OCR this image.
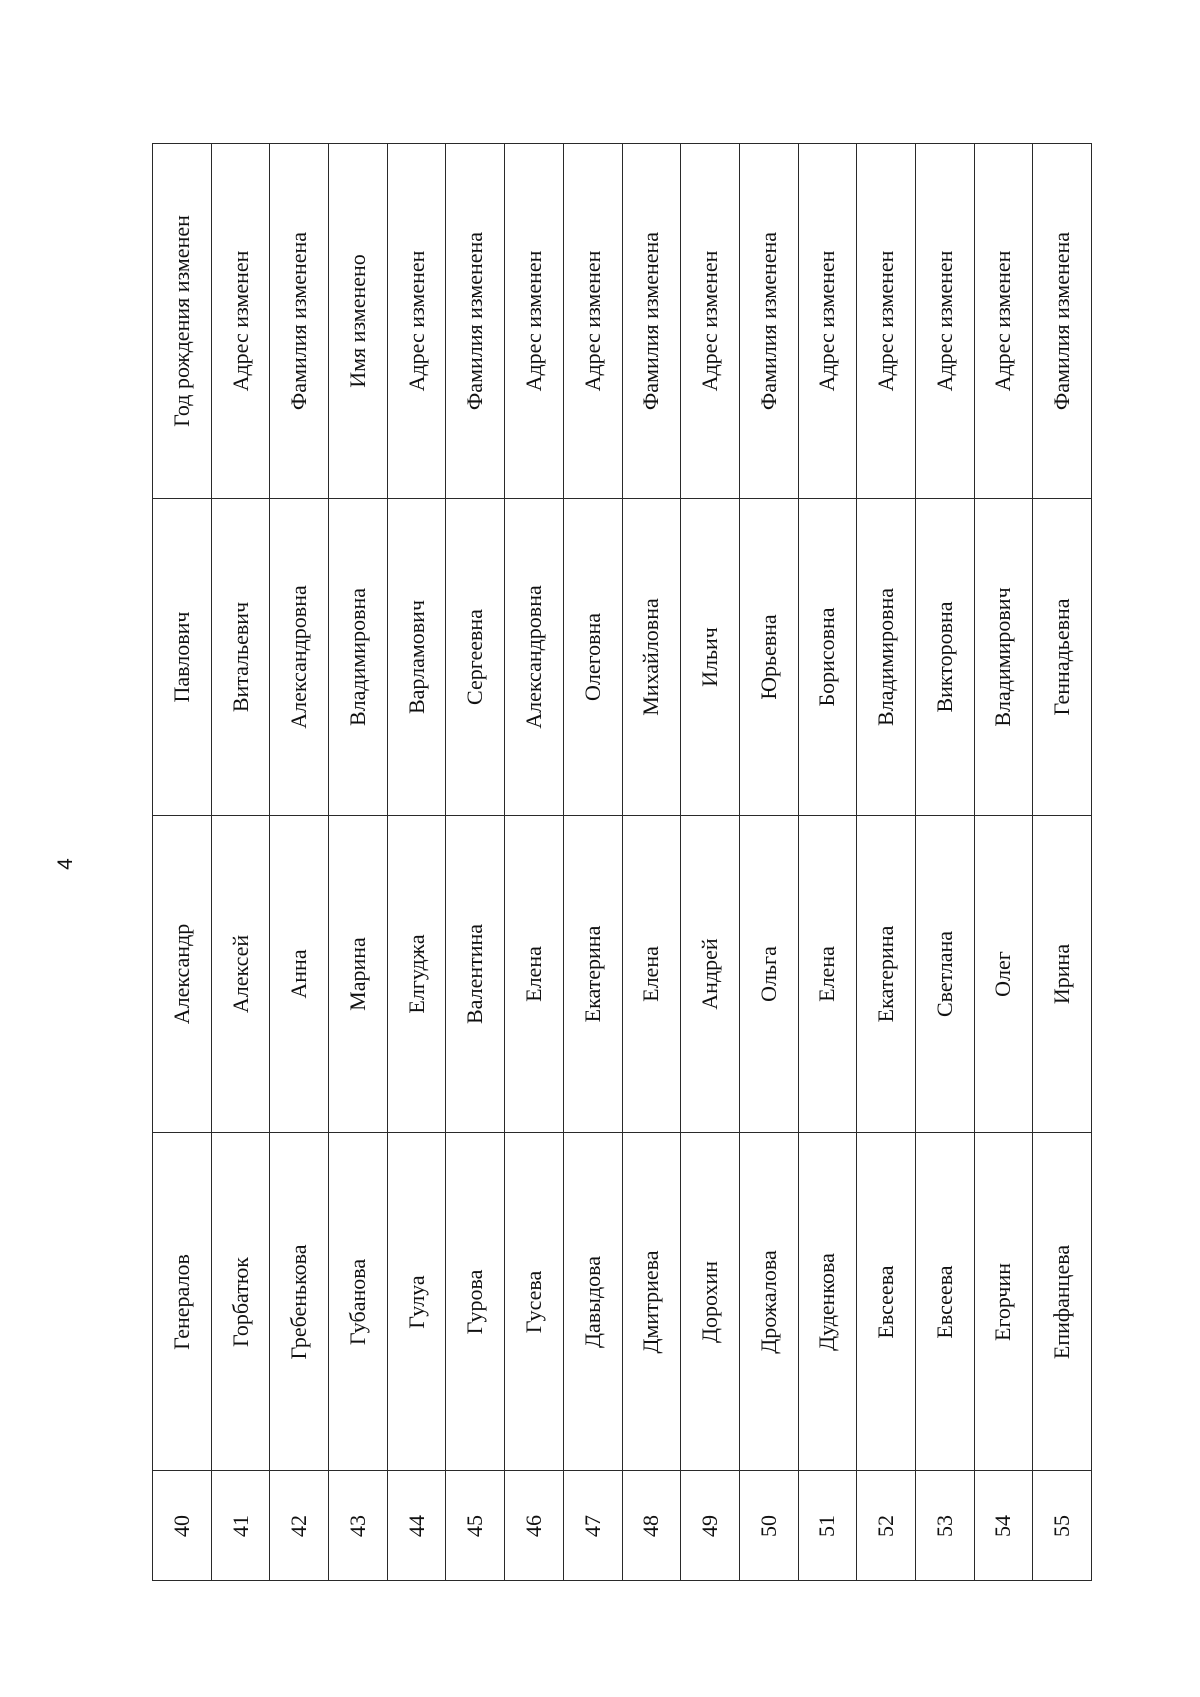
4
40
Генералов
Александр
Павлович
Год рождения изменен
41
Горбатюк
Алексей
Витальевич
Адрес изменен
42
Гребенькова
Анна
Александровна
Фамилия изменена
43
Губанова
Марина
Владимировна
Имя изменено
44
Гулуа
Елгуджа
Варламович
Адрес изменен
45
Гурова
Валентина
Сергеевна
Фамилия изменена
46
Гусева
Елена
Александровна
Адрес изменен
47
Давыдова
Екатерина
Олеговна
Адрес изменен
48
Дмитриева
Елена
Михайловна
Фамилия изменена
49
Дорохин
Андрей
Ильич
Адрес изменен
50
Дрожалова
Ольга
Юрьевна
Фамилия изменена
51
Дуденкова
Елена
Борисовна
Адрес изменен
52
Евсеева
Екатерина
Владимировна
Адрес изменен
53
Евсеева
Светлана
Викторовна
Адрес изменен
54
Егорчин
Олег
Владимирович
Адрес изменен
55
Епифанцева
Ирина
Геннадьевна
Фамилия изменена
